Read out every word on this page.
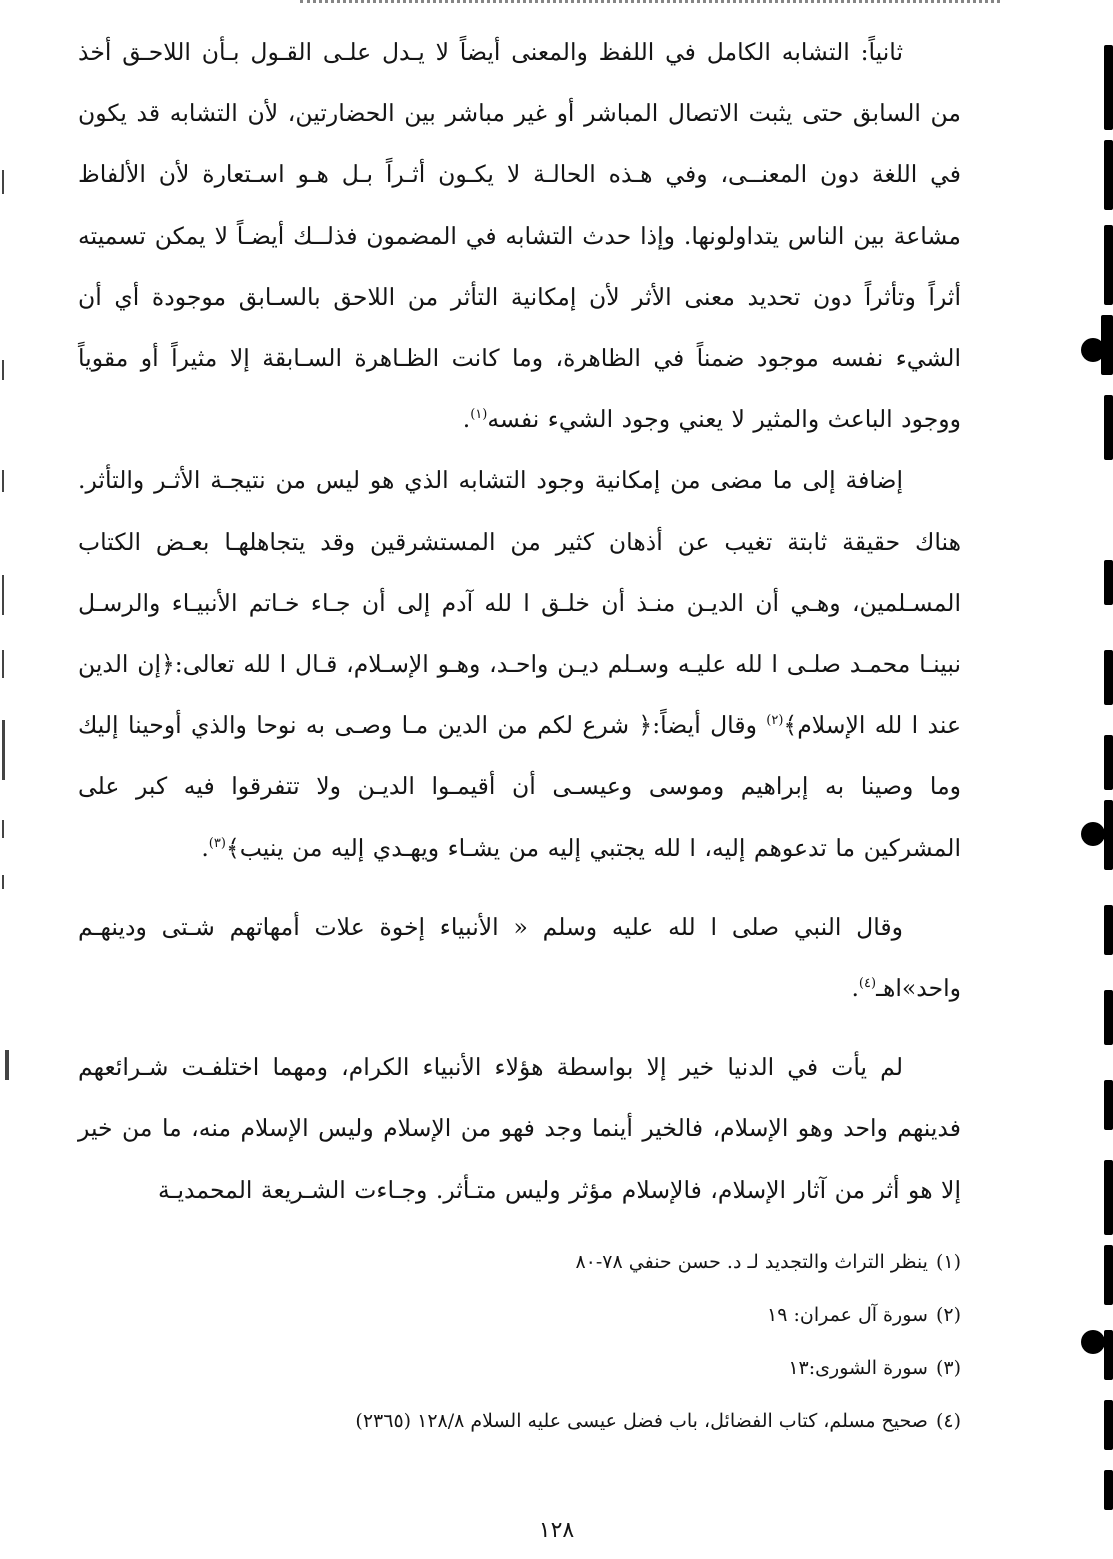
ثانياً: التشابه الكامل في اللفظ والمعنى أيضاً لا يـدل علـى القـول بـأن اللاحـق أخذ من السابق حتى يثبت الاتصال المباشر أو غير مباشر بين الحضارتين، لأن التشابه قد يكون في اللغة دون المعنــى، وفي هـذه الحالـة لا يكـون أثـراً بـل هـو اسـتعارة لأن الألفاظ مشاعة بين الناس يتداولونها. وإذا حدث التشابه في المضمون فذلــك أيضـاً لا يمكن تسميته أثراً وتأثراً دون تحديد معنى الأثر لأن إمكانية التأثر من اللاحق بالسـابق موجودة أي أن الشيء نفسه موجود ضمناً في الظاهرة، وما كانت الظـاهرة السـابقة إلا مثيراً أو مقوياً ووجود الباعث والمثير لا يعني وجود الشيء نفسه$^{(١)}$.

إضافة إلى ما مضى من إمكانية وجود التشابه الذي هو ليس من نتيجـة الأثـر والتأثر. هناك حقيقة ثابتة تغيب عن أذهان كثير من المستشرقين وقد يتجاهلهـا بعـض الكتاب المسـلمين، وهـي أن الديـن منـذ أن خلـق ا لله آدم إلى أن جـاء خـاتم الأنبيـاء والرسـل نبينـا محمـد صلـى ا لله عليـه وسـلم ديـن واحـد، وهـو الإسـلام، قـال ا لله تعالى:﴿إن الدين عند ا لله الإسلام﴾$^{(٢)}$ وقال أيضاً:﴿ شرع لكم من الدين مـا وصـى به نوحا والذي أوحينا إليك وما وصينا به إبراهيم وموسى وعيسـى أن أقيمـوا الديـن ولا تتفرقوا فيه كبر على المشركين ما تدعوهم إليه، ا لله يجتبي إليه من يشـاء ويهـدي إليه من ينيب﴾$^{(٣)}$.

وقال النبي صلى ا لله عليه وسلم « الأنبياء إخوة علات أمهاتهم شـتى ودينهـم واحد»اهـ$^{(٤)}$.

لم يأت في الدنيا خير إلا بواسطة هؤلاء الأنبياء الكرام، ومهما اختلفـت شـرائعهم فدينهم واحد وهو الإسلام، فالخير أينما وجد فهو من الإسلام وليس الإسلام منه، ما من خير إلا هو أثر من آثار الإسلام، فالإسلام مؤثر وليس متـأثر. وجـاءت الشـريعة المحمديـة

(١)ينظر التراث والتجديد لـ د. حسن حنفي ٧٨-٨٠

(٢)سورة آل عمران: ١٩

(٣)سورة الشورى:١٣

(٤)صحيح مسلم، كتاب الفضائل، باب فضل عيسى عليه السلام ١٢٨/٨ (٢٣٦٥)

١٢٨
